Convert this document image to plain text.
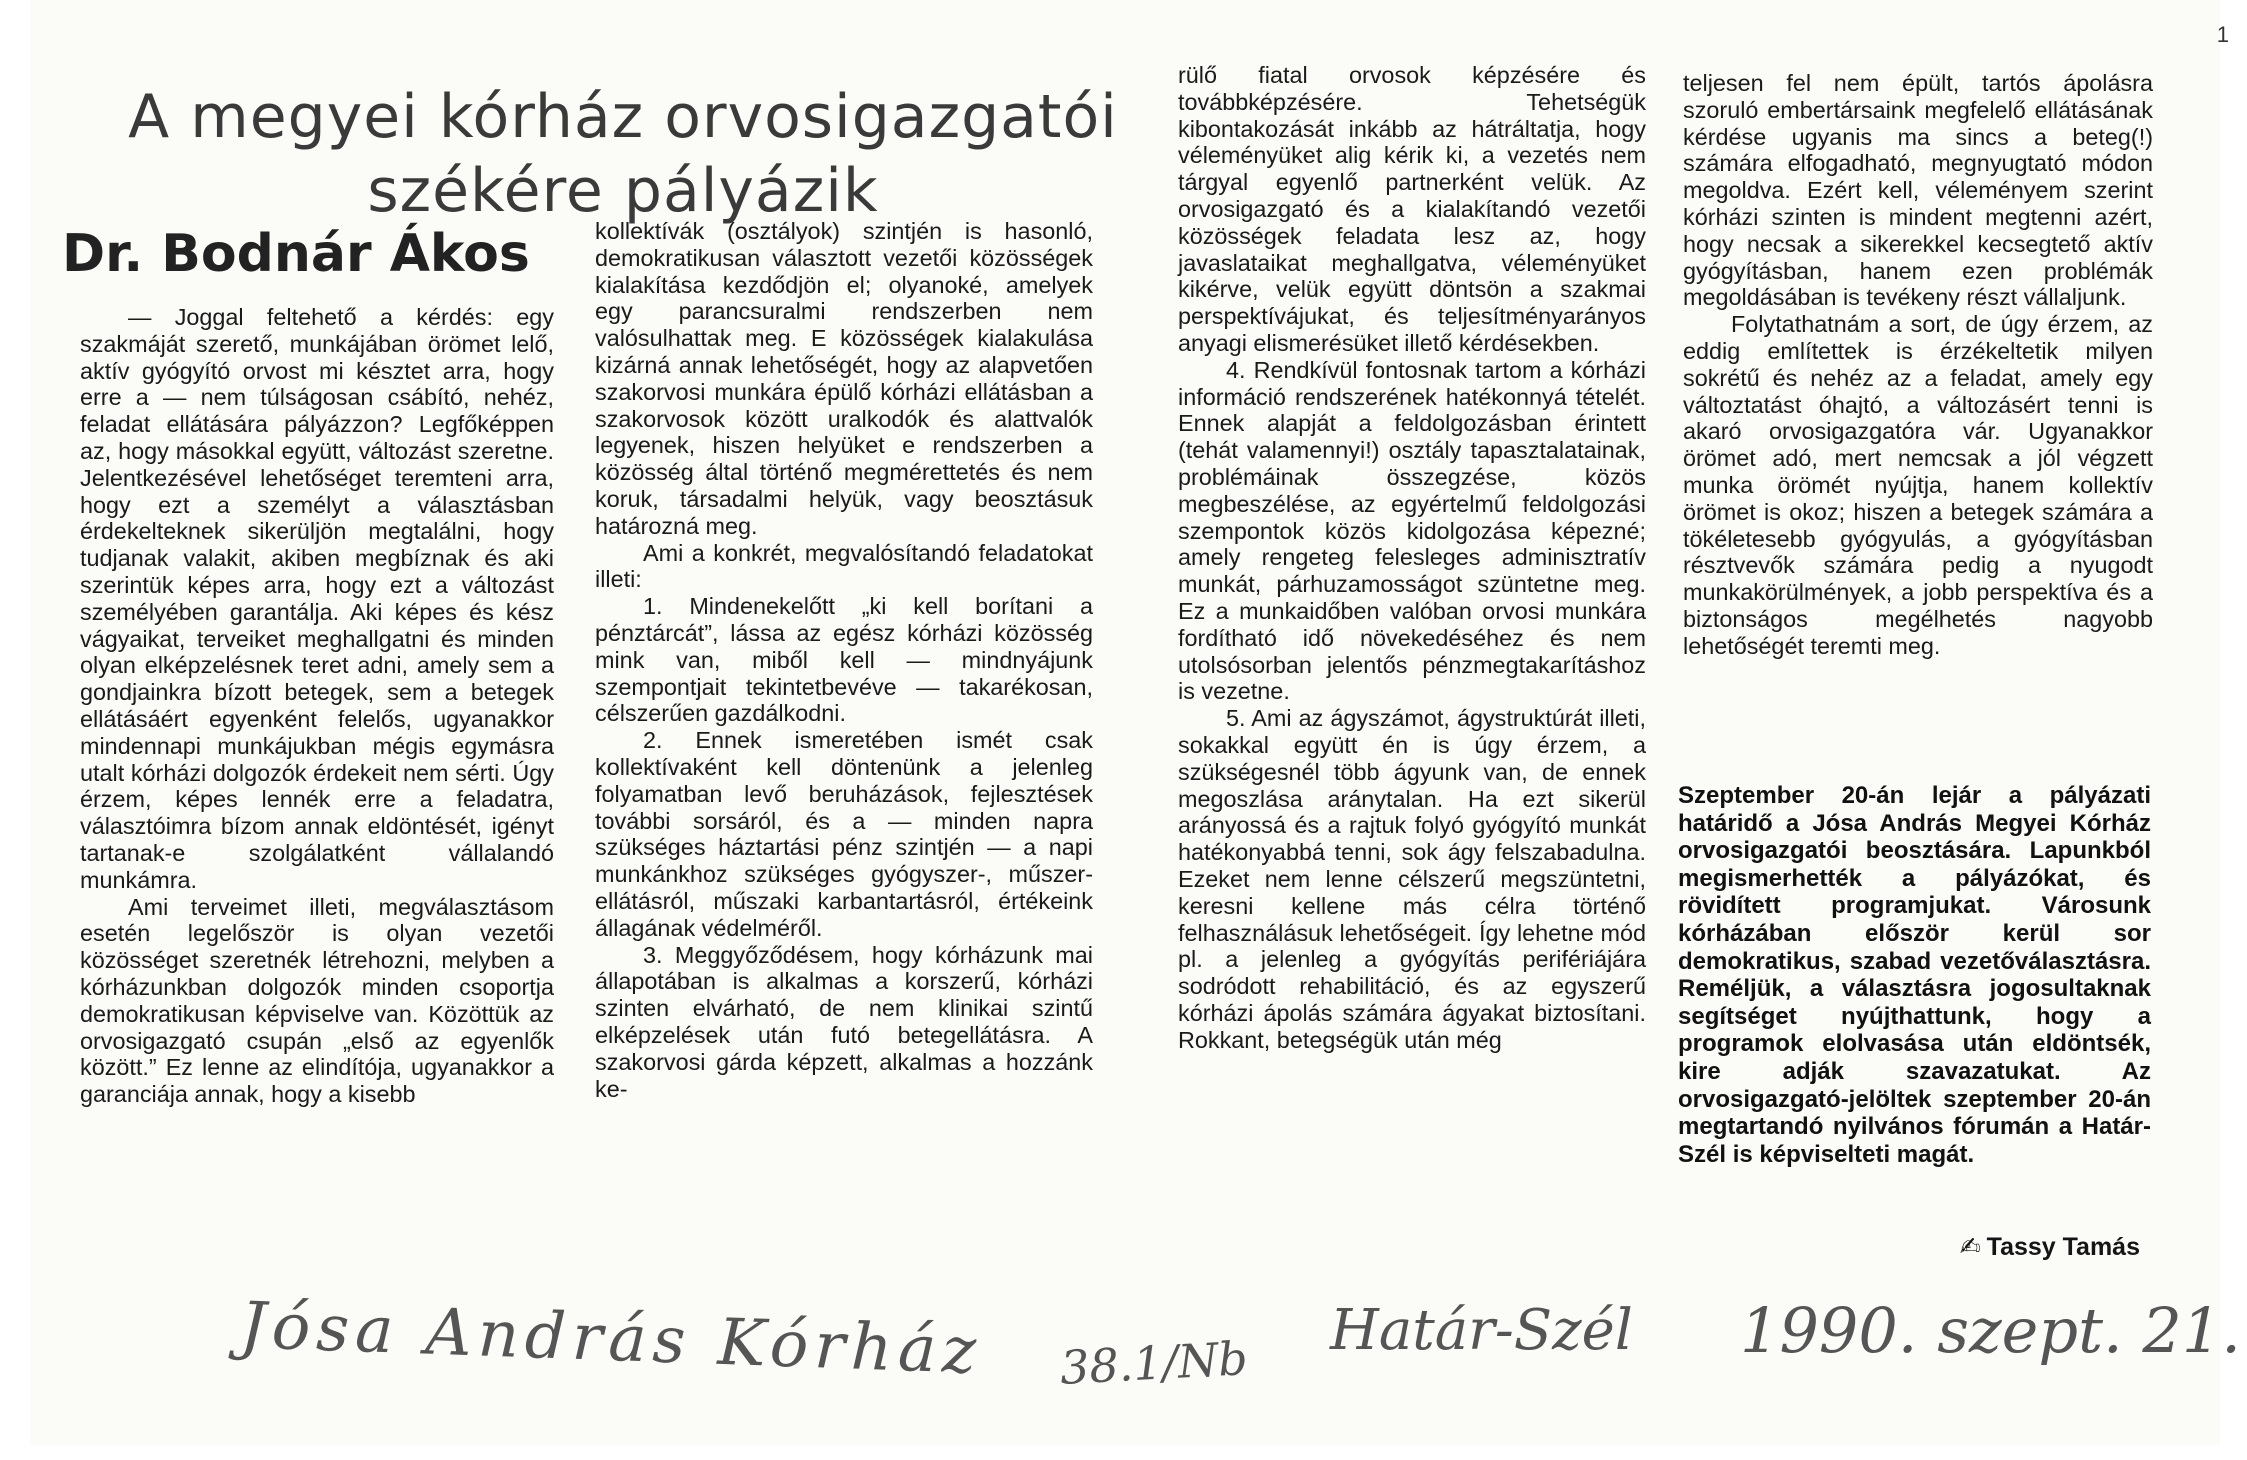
1
A megyei kórház orvosigazgatói székére pályázik
Dr. Bodnár Ákos

— Joggal feltehető a kérdés: egy szakmáját szerető, munkájában örömet lelő, aktív gyógyító orvost mi késztet arra, hogy erre a — nem túlságosan csábító, nehéz, feladat ellátására pályázzon? Legfőképpen az, hogy másokkal együtt, változást szeretne. Jelentkezésével lehetőséget teremteni arra, hogy ezt a személyt a választásban érdekelteknek sikerüljön megtalálni, hogy tudjanak valakit, akiben megbíznak és aki szerintük képes arra, hogy ezt a változást személyében garantálja. Aki képes és kész vágyaikat, terveiket meghallgatni és minden olyan elképzelésnek teret adni, amely sem a gondjainkra bízott betegek, sem a betegek ellátásáért egyenként felelős, ugyanakkor mindennapi munkájukban mégis egymásra utalt kórházi dolgozók érdekeit nem sérti. Úgy érzem, képes lennék erre a feladatra, választóimra bízom annak eldöntését, igényt tartanak-e szolgálatként vállalandó munkámra.

Ami terveimet illeti, megválasztásom esetén legelőször is olyan vezetői közösséget szeretnék létrehozni, melyben a kórházunkban dolgozók minden csoportja demokratikusan képviselve van. Közöttük az orvosigazgató csupán „első az egyenlők között.” Ez lenne az elindítója, ugyanakkor a garanciája annak, hogy a kisebb

kollektívák (osztályok) szintjén is hasonló, demokratikusan választott vezetői közösségek kialakítása kezdődjön el; olyanoké, amelyek egy parancsuralmi rendszerben nem valósulhattak meg. E közösségek kialakulása kizárná annak lehetőségét, hogy az alapvetően szakorvosi munkára épülő kórházi ellátásban a szakorvosok között uralkodók és alattvalók legyenek, hiszen helyüket e rendszerben a közösség által történő megmérettetés és nem koruk, társadalmi helyük, vagy beosztásuk határozná meg.

Ami a konkrét, megvalósítandó feladatokat illeti:

1. Mindenekelőtt „ki kell borítani a pénztárcát”, lássa az egész kórházi közösség mink van, miből kell — mindnyájunk szempontjait tekintetbevéve — takarékosan, célszerűen gazdálkodni.

2. Ennek ismeretében ismét csak kollektívaként kell döntenünk a jelenleg folyamatban levő beruházások, fejlesztések további sorsáról, és a — minden napra szükséges háztartási pénz szintjén — a napi munkánkhoz szükséges gyógyszer-, műszer-ellátásról, műszaki karbantartásról, értékeink állagának védelméről.

3. Meggyőződésem, hogy kórházunk mai állapotában is alkalmas a korszerű, kórházi szinten elvárható, de nem klinikai szintű elképzelések után futó betegellátásra. A szakorvosi gárda képzett, alkalmas a hozzánk ke-

rülő fiatal orvosok képzésére és továbbképzésére. Tehetségük kibontakozását inkább az hátráltatja, hogy véleményüket alig kérik ki, a vezetés nem tárgyal egyenlő partnerként velük. Az orvosigazgató és a kialakítandó vezetői közösségek feladata lesz az, hogy javaslataikat meghallgatva, véleményüket kikérve, velük együtt döntsön a szakmai perspektívájukat, és teljesítményarányos anyagi elismerésüket illető kérdésekben.

4. Rendkívül fontosnak tartom a kórházi információ rendszerének hatékonnyá tételét. Ennek alapját a feldolgozásban érintett (tehát valamennyi!) osztály tapasztalatainak, problémáinak összegzése, közös megbeszélése, az egyértelmű feldolgozási szempontok közös kidolgozása képezné; amely rengeteg felesleges adminisztratív munkát, párhuzamosságot szüntetne meg. Ez a munkaidőben valóban orvosi munkára fordítható idő növekedéséhez és nem utolsósorban jelentős pénzmegtakarításhoz is vezetne.

5. Ami az ágyszámot, ágystruktúrát illeti, sokakkal együtt én is úgy érzem, a szükségesnél több ágyunk van, de ennek megoszlása aránytalan. Ha ezt sikerül arányossá és a rajtuk folyó gyógyító munkát hatékonyabbá tenni, sok ágy felszabadulna. Ezeket nem lenne célszerű megszüntetni, keresni kellene más célra történő felhasználásuk lehetőségeit. Így lehetne mód pl. a jelenleg a gyógyítás perifériájára sodródott rehabilitáció, és az egyszerű kórházi ápolás számára ágyakat biztosítani. Rokkant, betegségük után még

teljesen fel nem épült, tartós ápolásra szoruló embertársaink megfelelő ellátásának kérdése ugyanis ma sincs a beteg(!) számára elfogadható, megnyugtató módon megoldva. Ezért kell, véleményem szerint kórházi szinten is mindent megtenni azért, hogy necsak a sikerekkel kecsegtető aktív gyógyításban, hanem ezen problémák megoldásában is tevékeny részt vállaljunk.

Folytathatnám a sort, de úgy érzem, az eddig említettek is érzékeltetik milyen sokrétű és nehéz az a feladat, amely egy változtatást óhajtó, a változásért tenni is akaró orvosigazgatóra vár. Ugyanakkor örömet adó, mert nemcsak a jól végzett munka örömét nyújtja, hanem kollektív örömet is okoz; hiszen a betegek számára a tökéletesebb gyógyulás, a gyógyításban résztvevők számára pedig a nyugodt munkakörülmények, a jobb perspektíva és a biztonságos megélhetés nagyobb lehetőségét teremti meg.

Szeptember 20-án lejár a pályázati határidő a Jósa András Megyei Kórház orvosigazgatói beosztására. Lapunkból megismerhették a pályázókat, és rövidített programjukat. Városunk kórházában először kerül sor demokratikus, szabad vezetőválasztásra. Reméljük, a választásra jogosultaknak segítséget nyújthattunk, hogy a programok elolvasása után eldöntsék, kire adják szavazatukat. Az orvosigazgató-jelöltek szeptember 20-án megtartandó nyilvános fórumán a Határ-Szél is képviselteti magát.

✍ Tassy Tamás
Jósa András Kórház 38.1/Nb Határ-Szél 1990. szept. 21.
